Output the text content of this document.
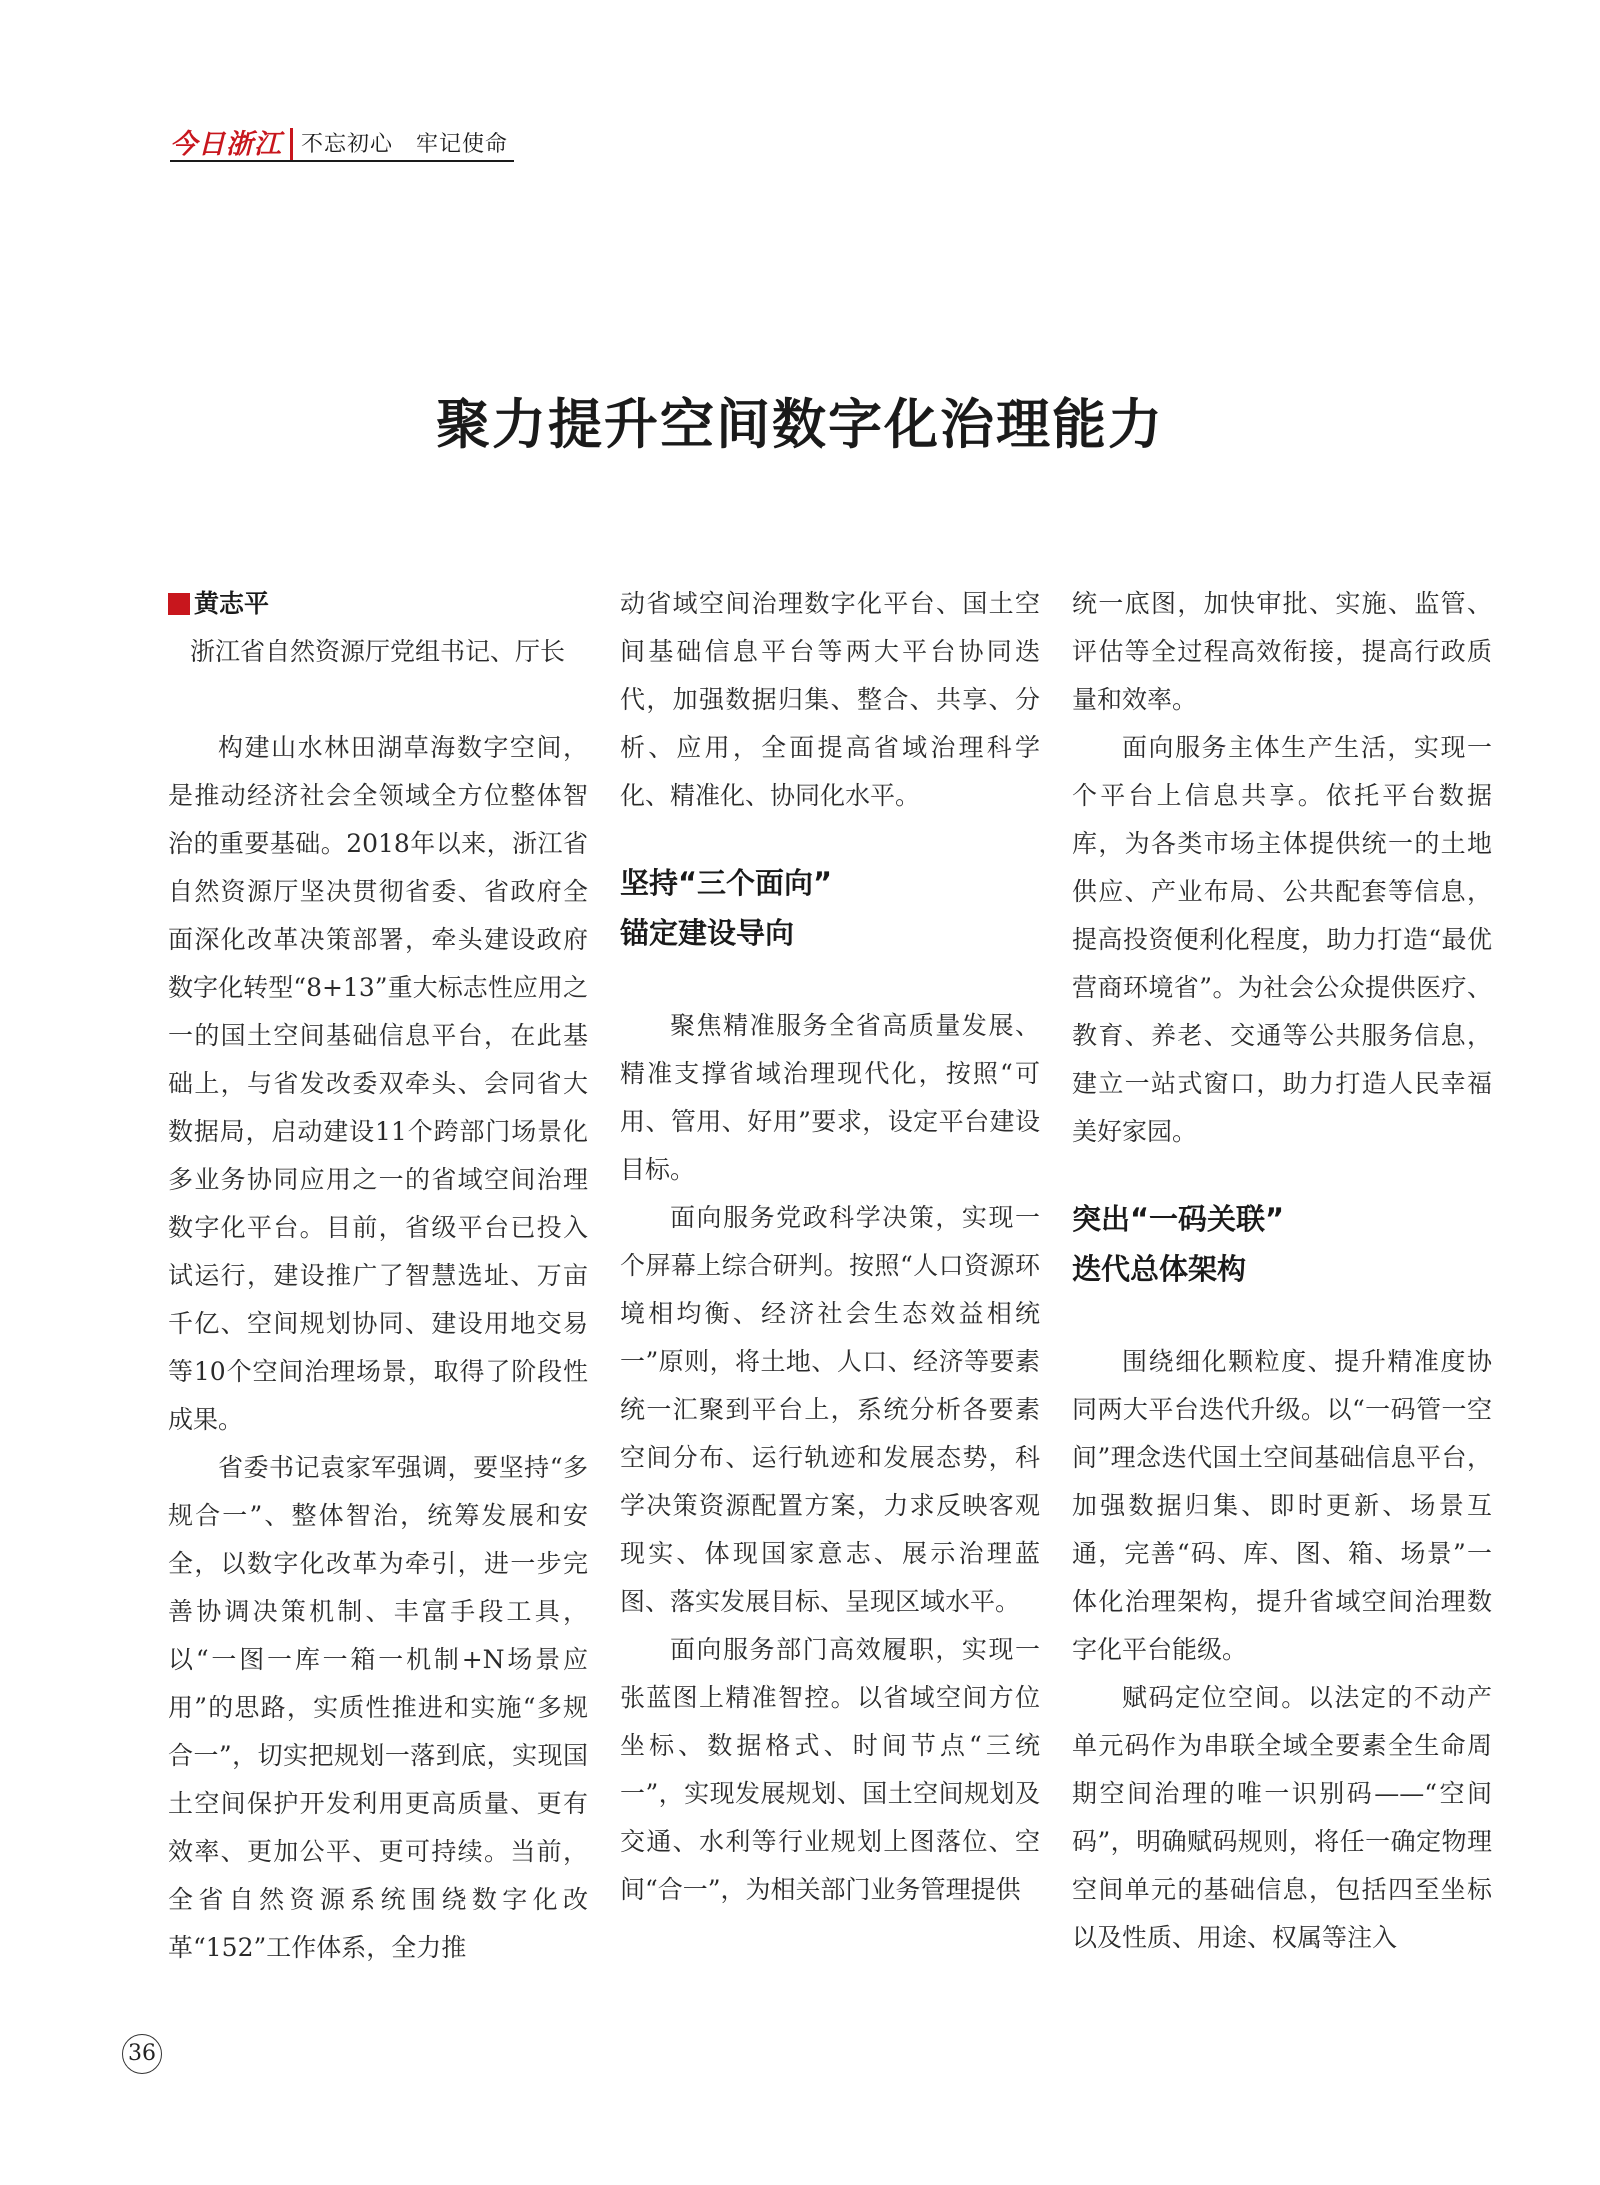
今日浙江 不忘初心　牢记使命
聚力提升空间数字化治理能力
黄志平
浙江省自然资源厅党组书记、厅长

构建山水林田湖草海数字空间，是推动经济社会全领域全方位整体智治的重要基础。2018年以来，浙江省自然资源厅坚决贯彻省委、省政府全面深化改革决策部署，牵头建设政府数字化转型“8+13”重大标志性应用之一的国土空间基础信息平台，在此基础上，与省发改委双牵头、会同省大数据局，启动建设11个跨部门场景化多业务协同应用之一的省域空间治理数字化平台。目前，省级平台已投入试运行，建设推广了智慧选址、万亩千亿、空间规划协同、建设用地交易等10个空间治理场景，取得了阶段性成果。

省委书记袁家军强调，要坚持“多规合一”、整体智治，统筹发展和安全，以数字化改革为牵引，进一步完善协调决策机制、丰富手段工具，以“一图一库一箱一机制+N场景应用”的思路，实质性推进和实施“多规合一”，切实把规划一落到底，实现国土空间保护开发利用更高质量、更有效率、更加公平、更可持续。当前，全省自然资源系统围绕数字化改革“152”工作体系，全力推

动省域空间治理数字化平台、国土空间基础信息平台等两大平台协同迭代，加强数据归集、整合、共享、分析、应用，全面提高省域治理科学化、精准化、协同化水平。

坚持“三个面向”
锚定建设导向

聚焦精准服务全省高质量发展、精准支撑省域治理现代化，按照“可用、管用、好用”要求，设定平台建设目标。

面向服务党政科学决策，实现一个屏幕上综合研判。按照“人口资源环境相均衡、经济社会生态效益相统一”原则，将土地、人口、经济等要素统一汇聚到平台上，系统分析各要素空间分布、运行轨迹和发展态势，科学决策资源配置方案，力求反映客观现实、体现国家意志、展示治理蓝图、落实发展目标、呈现区域水平。

面向服务部门高效履职，实现一张蓝图上精准智控。以省域空间方位坐标、数据格式、时间节点“三统一”，实现发展规划、国土空间规划及交通、水利等行业规划上图落位、空间“合一”，为相关部门业务管理提供

统一底图，加快审批、实施、监管、评估等全过程高效衔接，提高行政质量和效率。

面向服务主体生产生活，实现一个平台上信息共享。依托平台数据库，为各类市场主体提供统一的土地供应、产业布局、公共配套等信息，提高投资便利化程度，助力打造“最优营商环境省”。为社会公众提供医疗、教育、养老、交通等公共服务信息，建立一站式窗口，助力打造人民幸福美好家园。

突出“一码关联”
迭代总体架构

围绕细化颗粒度、提升精准度协同两大平台迭代升级。以“一码管一空间”理念迭代国土空间基础信息平台，加强数据归集、即时更新、场景互通，完善“码、库、图、箱、场景”一体化治理架构，提升省域空间治理数字化平台能级。

赋码定位空间。以法定的不动产单元码作为串联全域全要素全生命周期空间治理的唯一识别码——“空间码”，明确赋码规则，将任一确定物理空间单元的基础信息，包括四至坐标以及性质、用途、权属等注入

36
